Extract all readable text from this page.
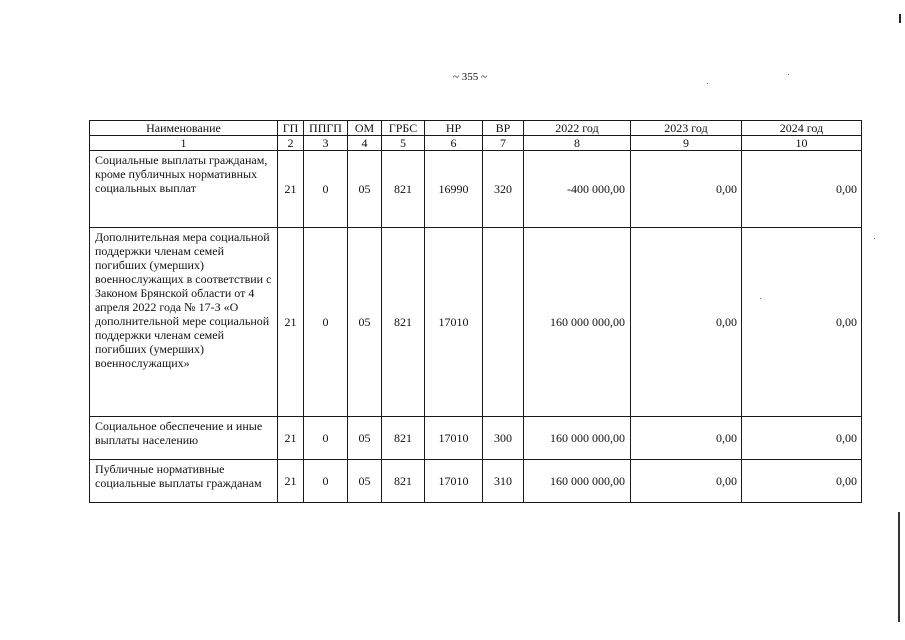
~ 355 ~
Наименование	ГП	ППГП	ОМ	ГРБС	НР	ВР	2022 год	2023 год	2024 год
1	2	3	4	5	6	7	8	9	10
Социальные выплаты гражданам, кроме публичных нормативных социальных выплат	21	0	05	821	16990	320	-400 000,00	0,00	0,00
Дополнительная мера социальной поддержки членам семей погибших (умерших) военнослужащих в соответствии с Законом Брянской области от 4 апреля 2022 года № 17-З «О дополнительной мере социальной поддержки членам семей погибших (умерших) военнослужащих»	21	0	05	821	17010		160 000 000,00	0,00	0,00
Социальное обеспечение и иные выплаты населению	21	0	05	821	17010	300	160 000 000,00	0,00	0,00
Публичные нормативные социальные выплаты гражданам	21	0	05	821	17010	310	160 000 000,00	0,00	0,00
